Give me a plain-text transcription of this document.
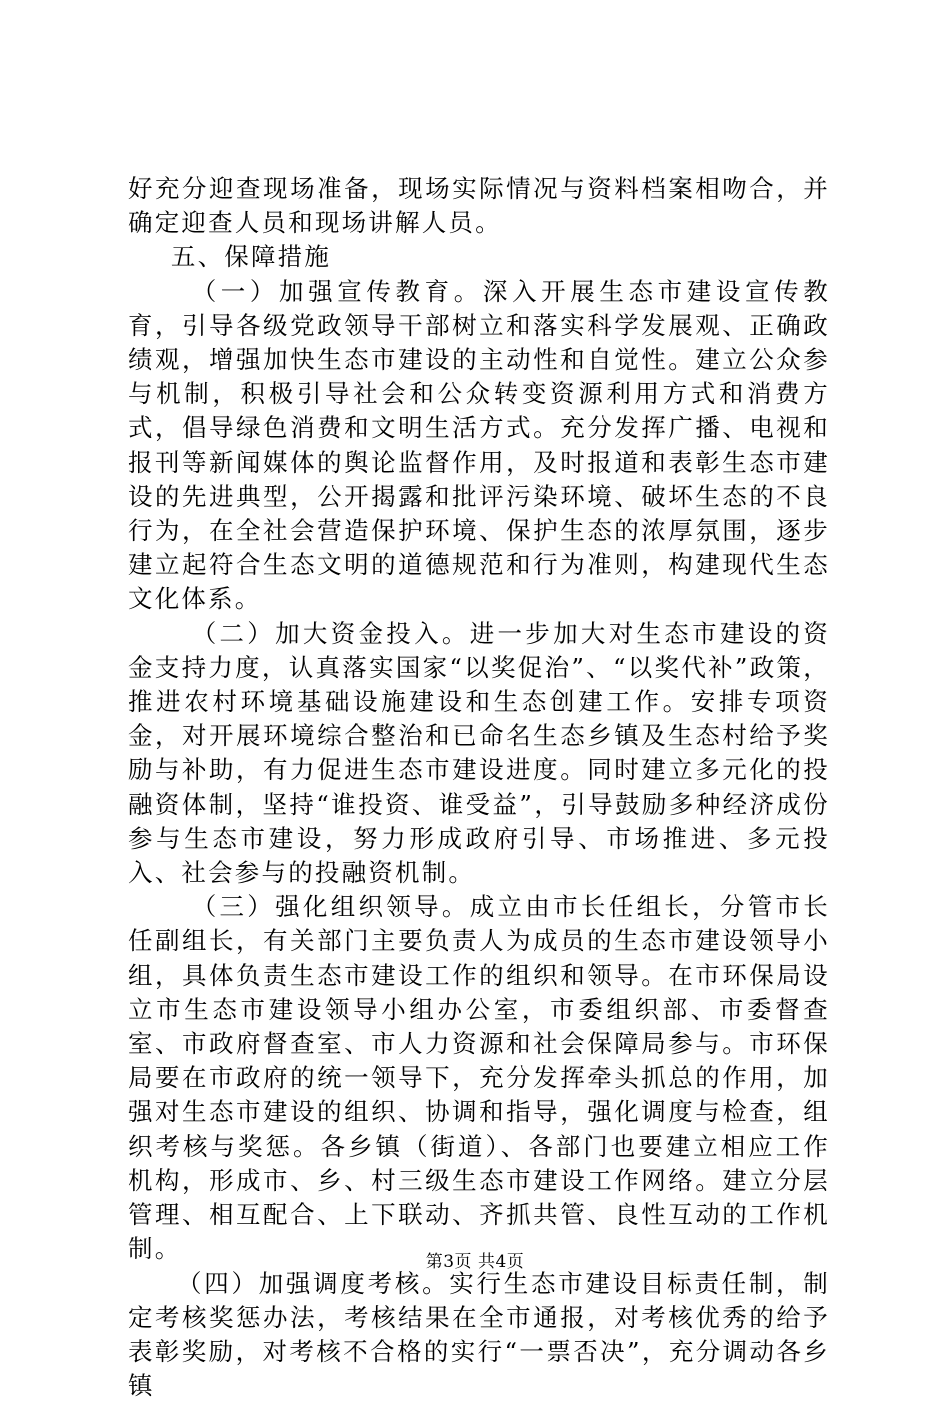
好充分迎查现场准备，现场实际情况与资料档案相吻合，并确定迎查人员和现场讲解人员。

五、保障措施

（一）加强宣传教育。深入开展生态市建设宣传教育，引导各级党政领导干部树立和落实科学发展观、正确政绩观，增强加快生态市建设的主动性和自觉性。建立公众参与机制，积极引导社会和公众转变资源利用方式和消费方式，倡导绿色消费和文明生活方式。充分发挥广播、电视和报刊等新闻媒体的舆论监督作用，及时报道和表彰生态市建设的先进典型，公开揭露和批评污染环境、破坏生态的不良行为，在全社会营造保护环境、保护生态的浓厚氛围，逐步建立起符合生态文明的道德规范和行为准则，构建现代生态文化体系。

（二）加大资金投入。进一步加大对生态市建设的资金支持力度，认真落实国家“以奖促治”、“以奖代补”政策，推进农村环境基础设施建设和生态创建工作。安排专项资金，对开展环境综合整治和已命名生态乡镇及生态村给予奖励与补助，有力促进生态市建设进度。同时建立多元化的投融资体制，坚持“谁投资、谁受益”，引导鼓励多种经济成份参与生态市建设，努力形成政府引导、市场推进、多元投入、社会参与的投融资机制。

（三）强化组织领导。成立由市长任组长，分管市长任副组长，有关部门主要负责人为成员的生态市建设领导小组，具体负责生态市建设工作的组织和领导。在市环保局设立市生态市建设领导小组办公室，市委组织部、市委督查室、市政府督查室、市人力资源和社会保障局参与。市环保局要在市政府的统一领导下，充分发挥牵头抓总的作用，加强对生态市建设的组织、协调和指导，强化调度与检查，组织考核与奖惩。各乡镇（街道）、各部门也要建立相应工作机构，形成市、乡、村三级生态市建设工作网络。建立分层管理、相互配合、上下联动、齐抓共管、良性互动的工作机制。

（四）加强调度考核。实行生态市建设目标责任制，制定考核奖惩办法，考核结果在全市通报，对考核优秀的给予表彰奖励，对考核不合格的实行“一票否决”，充分调动各乡镇

第3页 共4页
